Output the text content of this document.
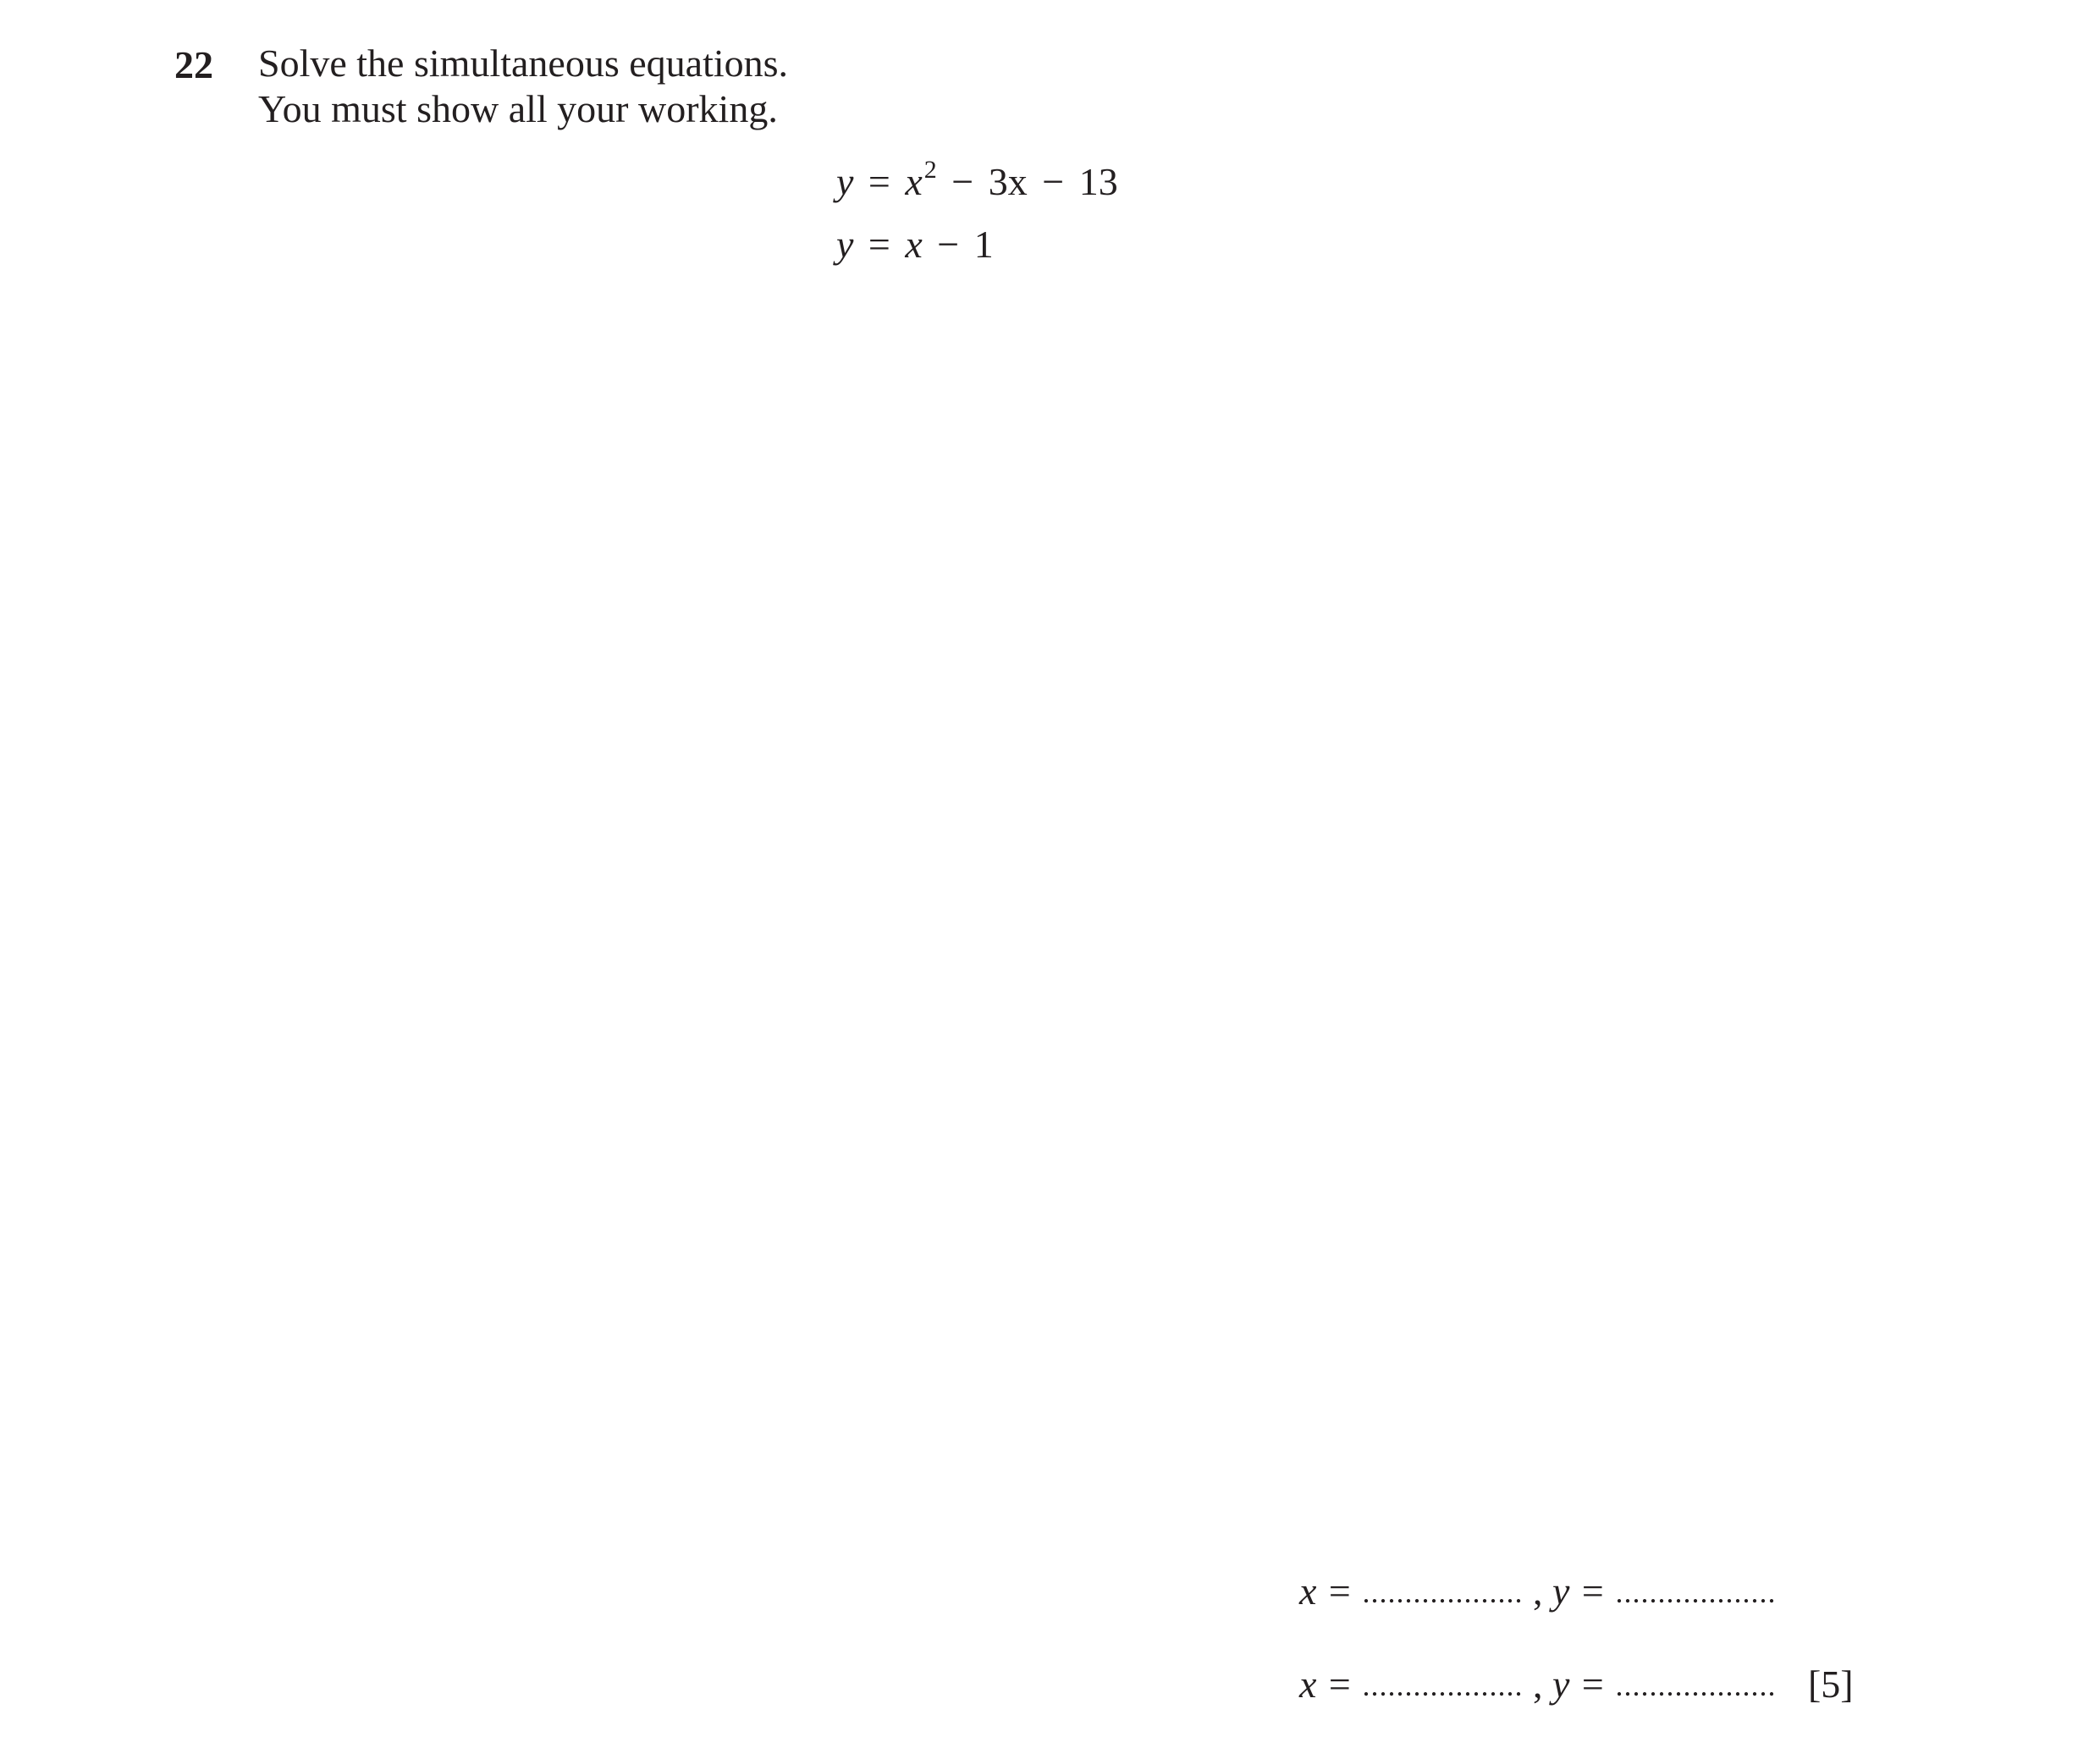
22 Solve the simultaneous equations.
You must show all your working.
$y = x^2 - 3x - 13$
y = x − 1
x = ................... , y = ...................
x = ................... , y = ................... [5]
